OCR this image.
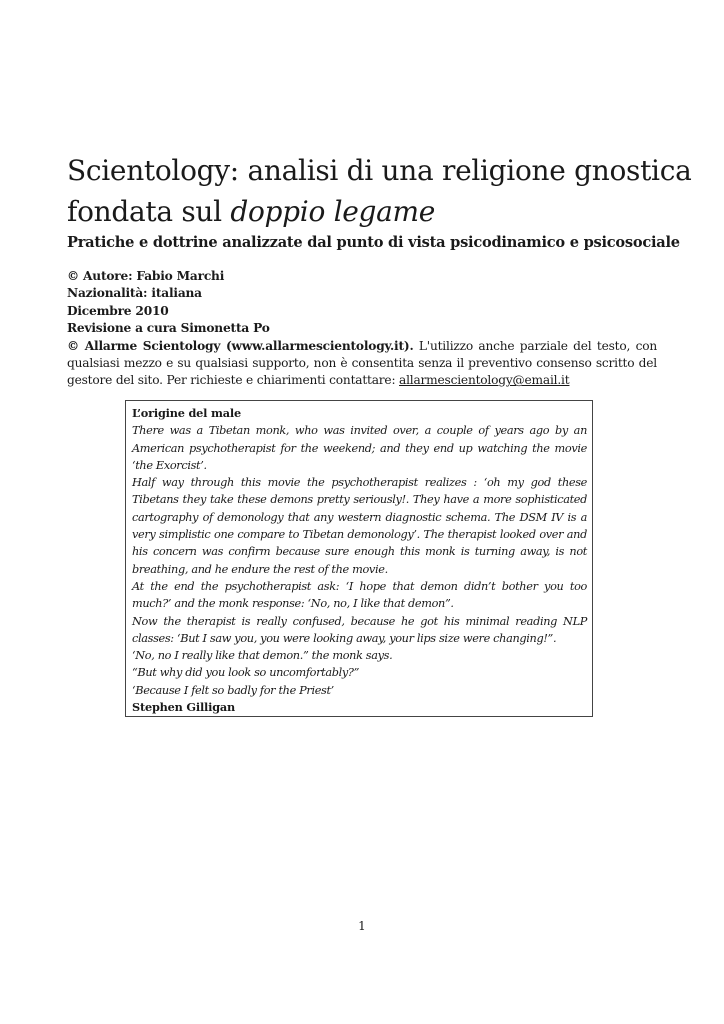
Scientology: analisi di una religione gnostica
fondata sul doppio legame

Pratiche e dottrine analizzate dal punto di vista psicodinamico e psicosociale

© Autore: Fabio Marchi
Nazionalità: italiana
Dicembre 2010
Revisione a cura Simonetta Po
© Allarme Scientology (www.allarmescientology.it). L'utilizzo anche parziale del testo, con qualsiasi mezzo e su qualsiasi supporto, non è consentita senza il preventivo consenso scritto del gestore del sito. Per richieste e chiarimenti contattare: allarmescientology@email.it
L’origine del male
There was a Tibetan monk, who was invited over, a couple of years ago by an American psychotherapist for the weekend; and they end up watching the movie ‘the Exorcist’.
Half way through this movie the psychotherapist realizes : ‘oh my god these Tibetans they take these demons pretty seriously!. They have a more sophisticated cartography of demonology that any western diagnostic schema. The DSM IV is a very simplistic one compare to Tibetan demonology’. The therapist looked over and his concern was confirm because sure enough this monk is turning away, is not breathing, and he endure the rest of the movie.
At the end the psychotherapist ask: ‘I hope that demon didn’t bother you too much?’ and the monk response: ‘No, no, I like that demon”.
Now the therapist is really confused, because he got his minimal reading NLP classes: ‘But I saw you, you were looking away, your lips size were changing!”.
‘No, no I really like that demon.” the monk says.
“But why did you look so uncomfortably?”
‘Because I felt so badly for the Priest’
Stephen Gilligan
1
